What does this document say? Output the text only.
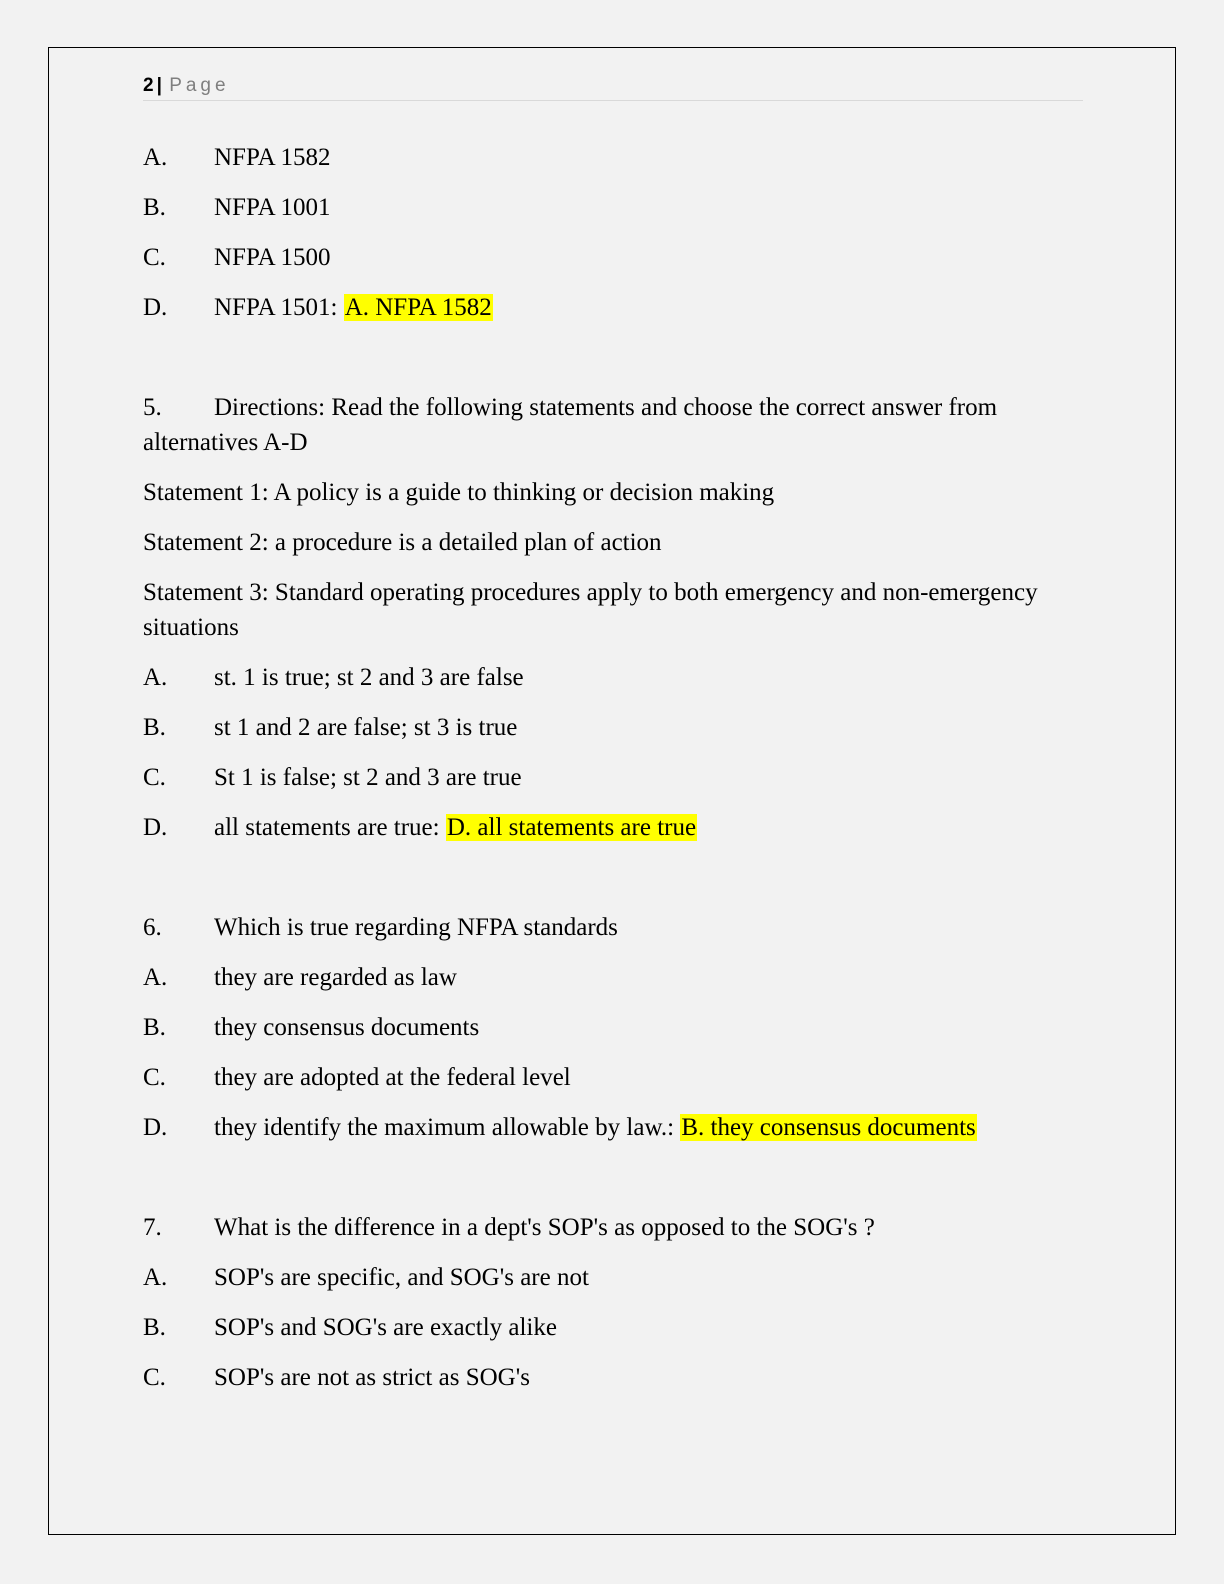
2 | Page
A. NFPA 1582
B. NFPA 1001
C. NFPA 1500
D. NFPA 1501: A. NFPA 1582
5. Directions: Read the following statements and choose the correct answer from alternatives A-D
Statement 1: A policy is a guide to thinking or decision making
Statement 2: a procedure is a detailed plan of action
Statement 3: Standard operating procedures apply to both emergency and non-emergency situations
A. st. 1 is true; st 2 and 3 are false
B. st 1 and 2 are false; st 3 is true
C. St 1 is false; st 2 and 3 are true
D. all statements are true: D. all statements are true
6. Which is true regarding NFPA standards
A. they are regarded as law
B. they consensus documents
C. they are adopted at the federal level
D. they identify the maximum allowable by law.: B. they consensus documents
7. What is the difference in a dept's SOP's as opposed to the SOG's ?
A. SOP's are specific, and SOG's are not
B. SOP's and SOG's are exactly alike
C. SOP's are not as strict as SOG's
